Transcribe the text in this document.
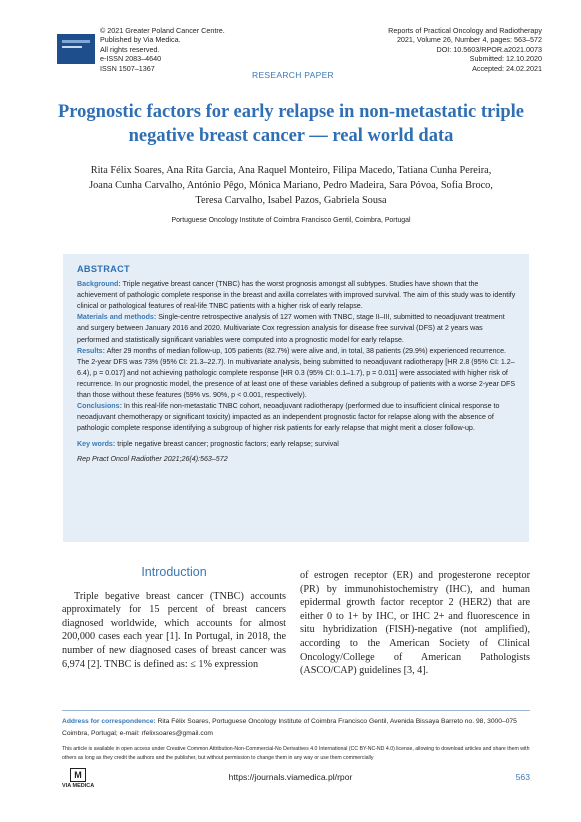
© 2021 Greater Poland Cancer Centre.
Published by Via Medica.
All rights reserved.
e-ISSN 2083–4640
ISSN 1507–1367
Reports of Practical Oncology and Radiotherapy
2021, Volume 26, Number 4, pages: 563–572
DOI: 10.5603/RPOR.a2021.0073
Submitted: 12.10.2020
Accepted: 24.02.2021
RESEARCH PAPER
Prognostic factors for early relapse in non-metastatic triple
negative breast cancer — real world data
Rita Félix Soares, Ana Rita Garcia, Ana Raquel Monteiro, Filipa Macedo, Tatiana Cunha Pereira,
Joana Cunha Carvalho, António Pêgo, Mónica Mariano, Pedro Madeira, Sara Póvoa, Sofia Broco,
Teresa Carvalho, Isabel Pazos, Gabriela Sousa
Portuguese Oncology Institute of Coimbra Francisco Gentil, Coimbra, Portugal
ABSTRACT

Background: Triple negative breast cancer (TNBC) has the worst prognosis amongst all subtypes. Studies have shown that the achievement of pathologic complete response in the breast and axilla correlates with improved survival. The aim of this study was to identify clinical or pathological features of real-life TNBC patients with a higher risk of early relapse.

Materials and methods: Single-centre retrospective analysis of 127 women with TNBC, stage II–III, submitted to neoadjuvant treatment and surgery between January 2016 and 2020. Multivariate Cox regression analysis for disease free survival (DFS) at 2 years was performed and statistically significant variables were computed into a prognostic model for early relapse.

Results: After 29 months of median follow-up, 105 patients (82.7%) were alive and, in total, 38 patients (29.9%) experienced recurrence. The 2-year DFS was 73% (95% CI: 21.3–22.7). In multivariate analysis, being submitted to neoadjuvant radiotherapy [HR 2.8 (95% CI: 1.2–6.4), p = 0.017] and not achieving pathologic complete response [HR 0.3 (95% CI: 0.1–1.7), p = 0.011] were associated with higher risk of recurrence. In our prognostic model, the presence of at least one of these variables defined a subgroup of patients with a worse 2-year DFS than those without these features (59% vs. 90%, p < 0.001, respectively).

Conclusions: In this real-life non-metastatic TNBC cohort, neoadjuvant radiotherapy (performed due to insufficient clinical response to neoadjuvant chemotherapy or significant toxicity) impacted as an independent prognostic factor for relapse along with the absence of pathologic complete response identifying a subgroup of higher risk patients for early relapse that might merit a closer follow-up.

Key words: triple negative breast cancer; prognostic factors; early relapse; survival

Rep Pract Oncol Radiother 2021;26(4):563–572

Introduction

Triple begative breast cancer (TNBC) accounts approximately for 15 percent of breast cancers diagnosed worldwide, which accounts for almost 200,000 cases each year [1]. In Portugal, in 2018, the number of new diagnosed cases of breast cancer was 6,974 [2]. TNBC is defined as: ≤ 1% expression

of estrogen receptor (ER) and progesterone receptor (PR) by immunohistochemistry (IHC), and human epidermal growth factor receptor 2 (HER2) that are either 0 to 1+ by IHC, or IHC 2+ and fluorescence in situ hybridization (FISH)-negative (not amplified), according to the American Society of Clinical Oncology/College of American Pathologists (ASCO/CAP) guidelines [3, 4].

Address for correspondence: Rita Félix Soares, Portuguese Oncology Institute of Coimbra Francisco Gentil, Avenida Bissaya Barreto no. 98, 3000–075 Coimbra, Portugal; e-mail: rfelixsoares@gmail.com
This article is available in open access under Creative Common Attribution-Non-Commercial-No Derivatives 4.0 International (CC BY-NC-ND 4.0) license, allowing to download articles and share them with others as long as they credit the authors and the publisher, but without permission to change them in any way or use them commercially
M
VIA MEDICA
https://journals.viamedica.pl/rpor	563
